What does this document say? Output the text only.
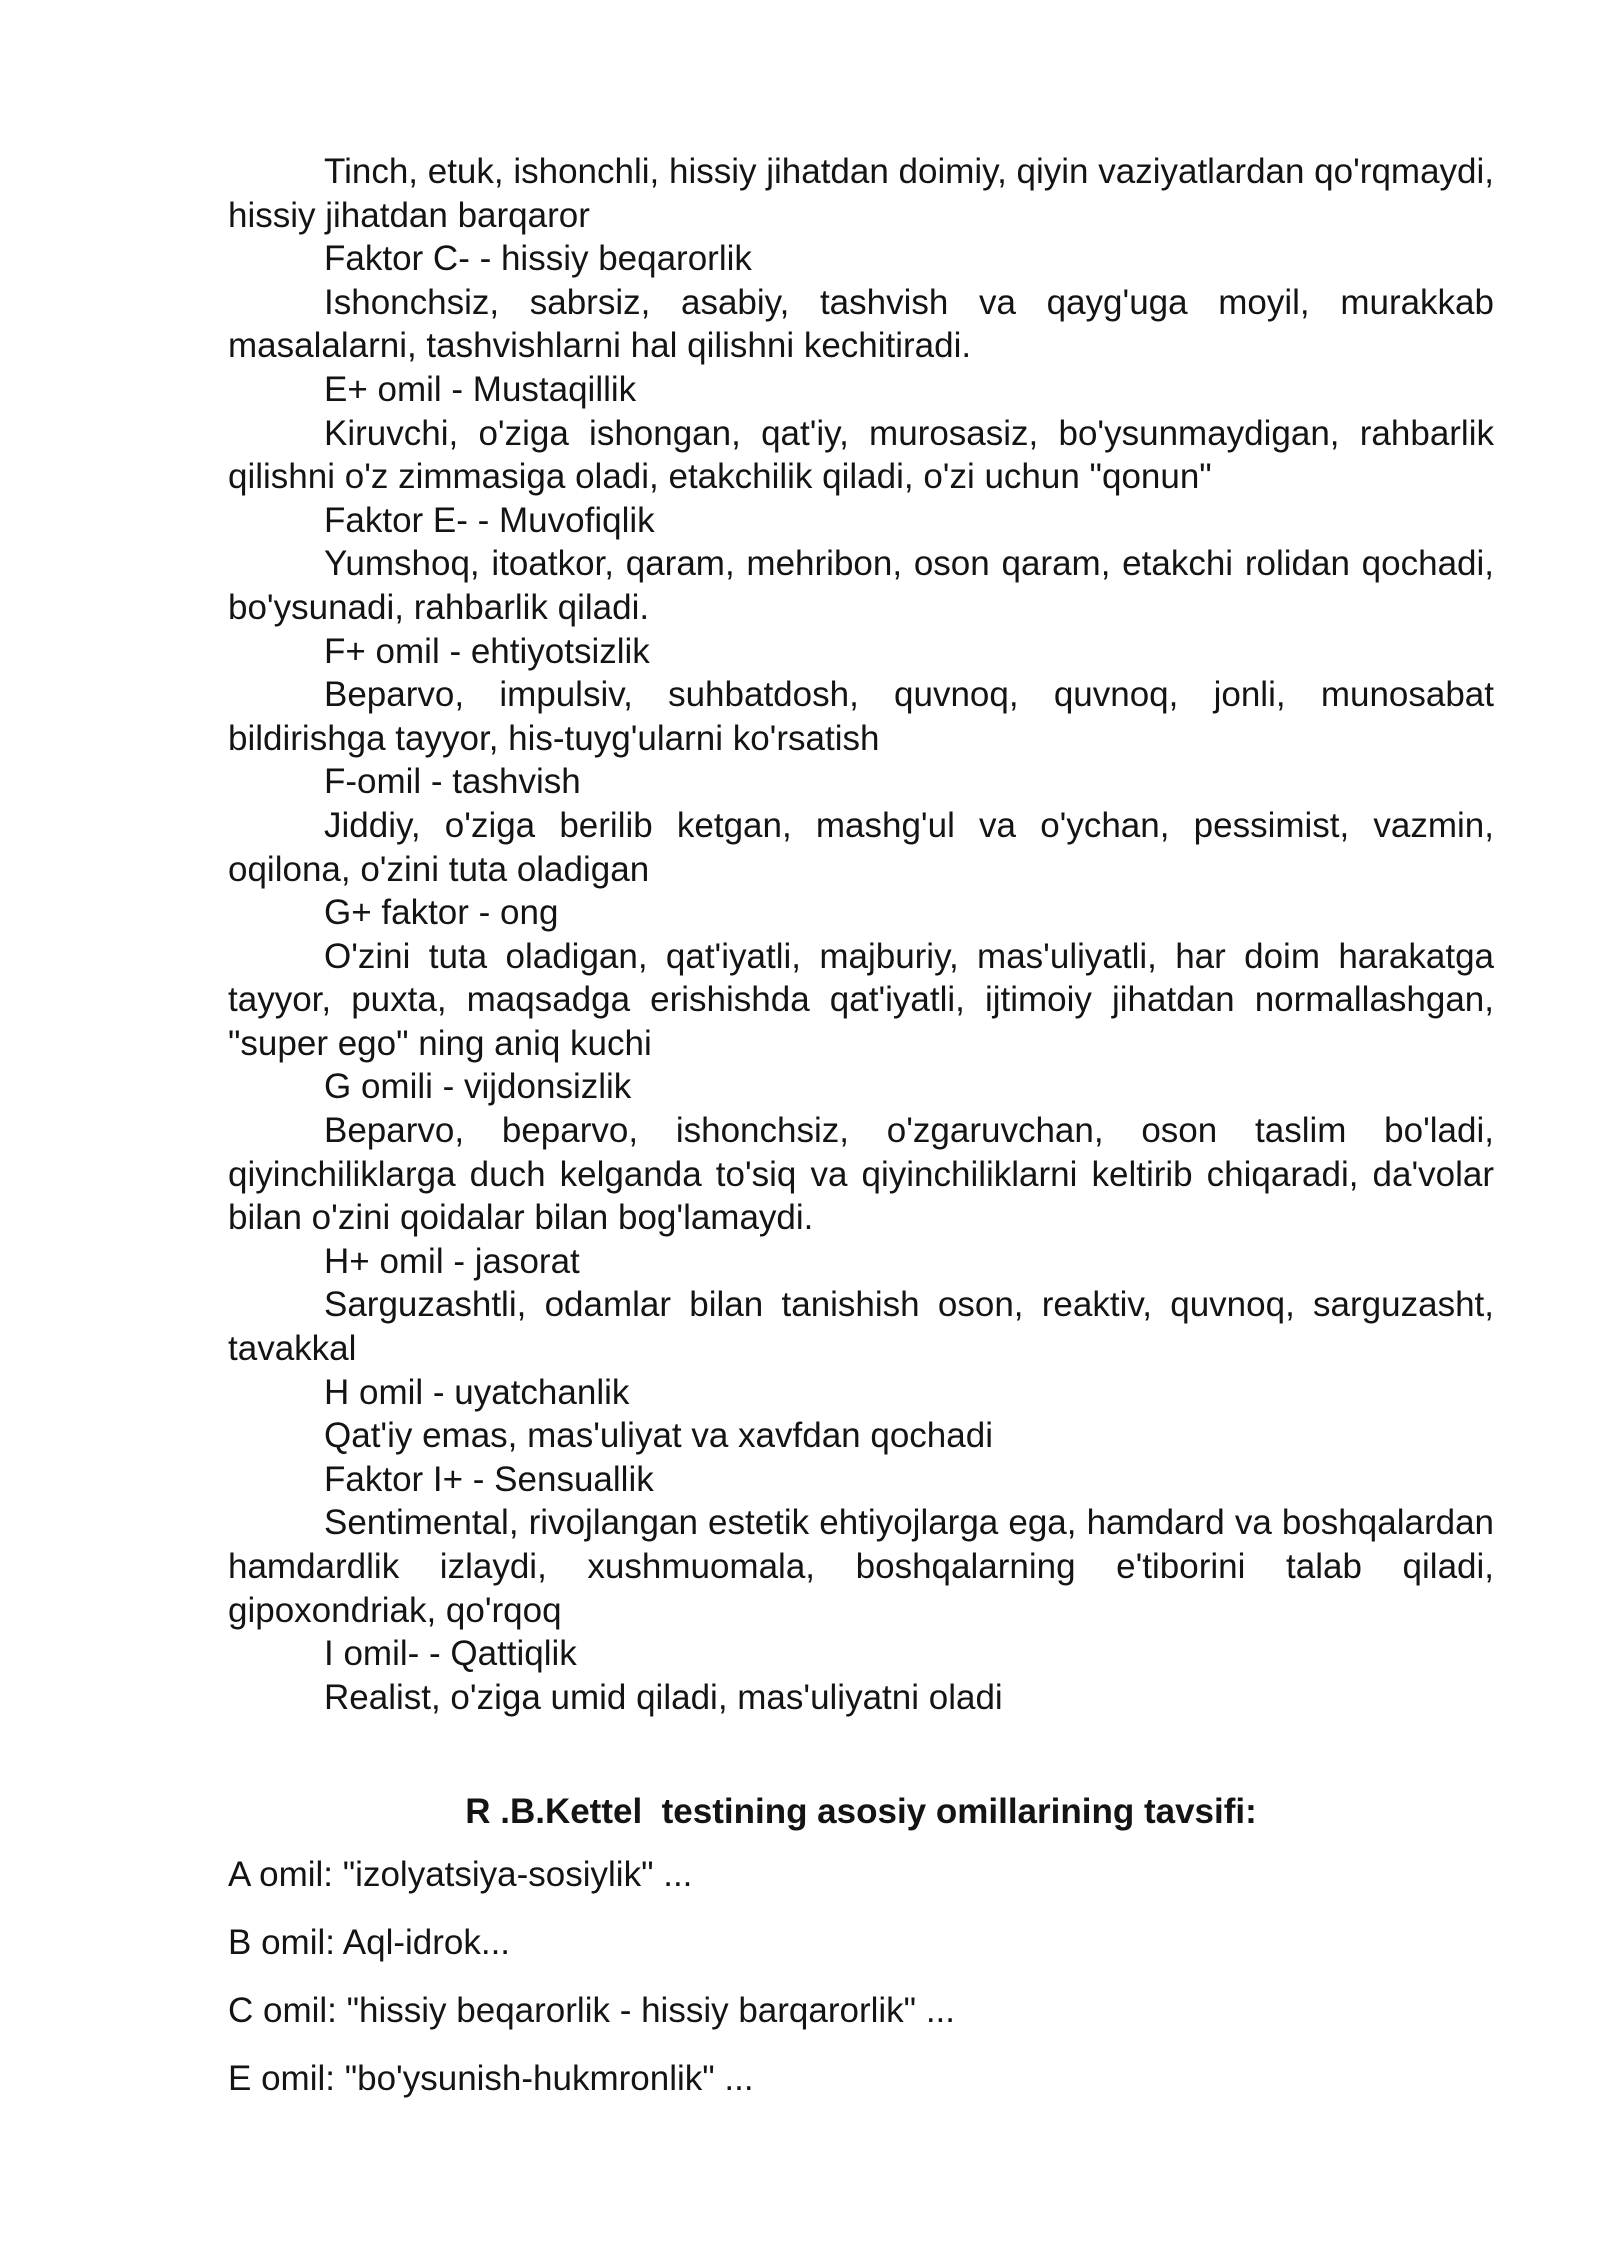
Tinch, etuk, ishonchli, hissiy jihatdan doimiy, qiyin vaziyatlardan qo'rqmaydi, hissiy jihatdan barqaror

Faktor C- - hissiy beqarorlik

Ishonchsiz, sabrsiz, asabiy, tashvish va qayg'uga moyil, murakkab masalalarni, tashvishlarni hal qilishni kechitiradi.

E+ omil - Mustaqillik

Kiruvchi, o'ziga ishongan, qat'iy, murosasiz, bo'ysunmaydigan, rahbarlik qilishni o'z zimmasiga oladi, etakchilik qiladi, o'zi uchun "qonun"

Faktor E- - Muvofiqlik

Yumshoq, itoatkor, qaram, mehribon, oson qaram, etakchi rolidan qochadi, bo'ysunadi, rahbarlik qiladi.

F+ omil - ehtiyotsizlik

Beparvo, impulsiv, suhbatdosh, quvnoq, quvnoq, jonli, munosabat bildirishga tayyor, his-tuyg'ularni ko'rsatish

F-omil - tashvish

Jiddiy, o'ziga berilib ketgan, mashg'ul va o'ychan, pessimist, vazmin, oqilona, o'zini tuta oladigan

G+ faktor - ong

O'zini tuta oladigan, qat'iyatli, majburiy, mas'uliyatli, har doim harakatga tayyor, puxta, maqsadga erishishda qat'iyatli, ijtimoiy jihatdan normallashgan, "super ego" ning aniq kuchi

G omili - vijdonsizlik

Beparvo, beparvo, ishonchsiz, o'zgaruvchan, oson taslim bo'ladi, qiyinchiliklarga duch kelganda to'siq va qiyinchiliklarni keltirib chiqaradi, da'volar bilan o'zini qoidalar bilan bog'lamaydi.

H+ omil - jasorat

Sarguzashtli, odamlar bilan tanishish oson, reaktiv, quvnoq, sarguzasht, tavakkal

H omil - uyatchanlik

Qat'iy emas, mas'uliyat va xavfdan qochadi

Faktor I+ - Sensuallik

Sentimental, rivojlangan estetik ehtiyojlarga ega, hamdard va boshqalardan hamdardlik izlaydi, xushmuomala, boshqalarning e'tiborini talab qiladi, gipoxondriak, qo'rqoq

I omil- - Qattiqlik

Realist, o'ziga umid qiladi, mas'uliyatni oladi

R .B.Kettel  testining asosiy omillarining tavsifi:
A omil: "izolyatsiya-sosiylik" ...
B omil: Aql-idrok...
C omil: "hissiy beqarorlik - hissiy barqarorlik" ...
E omil: "bo'ysunish-hukmronlik" ...
